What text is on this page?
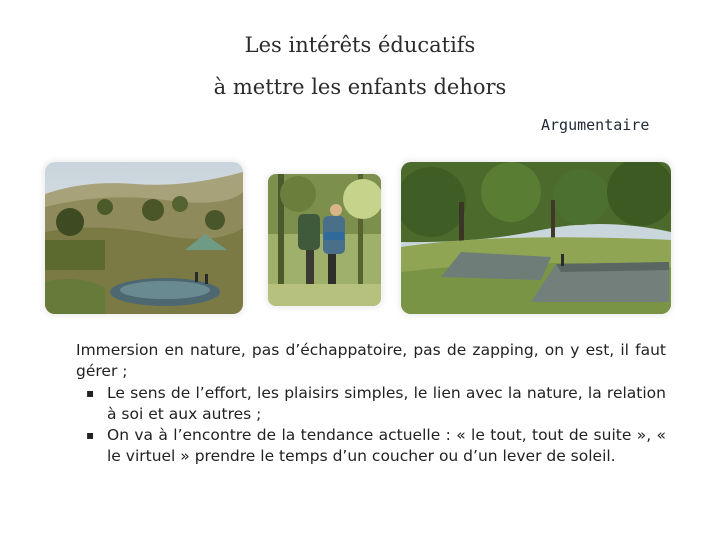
Les intérêts éducatifs
à mettre les enfants dehors
Argumentaire

Immersion en nature, pas d’échappatoire, pas de zapping, on y est, il faut gérer ;

▪ Le sens de l’effort, les plaisirs simples, le lien avec la nature, la relation à soi et aux autres ;
▪ On va à l’encontre de la tendance actuelle : « le tout, tout de suite », « le virtuel » prendre le temps d’un coucher ou d’un lever de soleil.
